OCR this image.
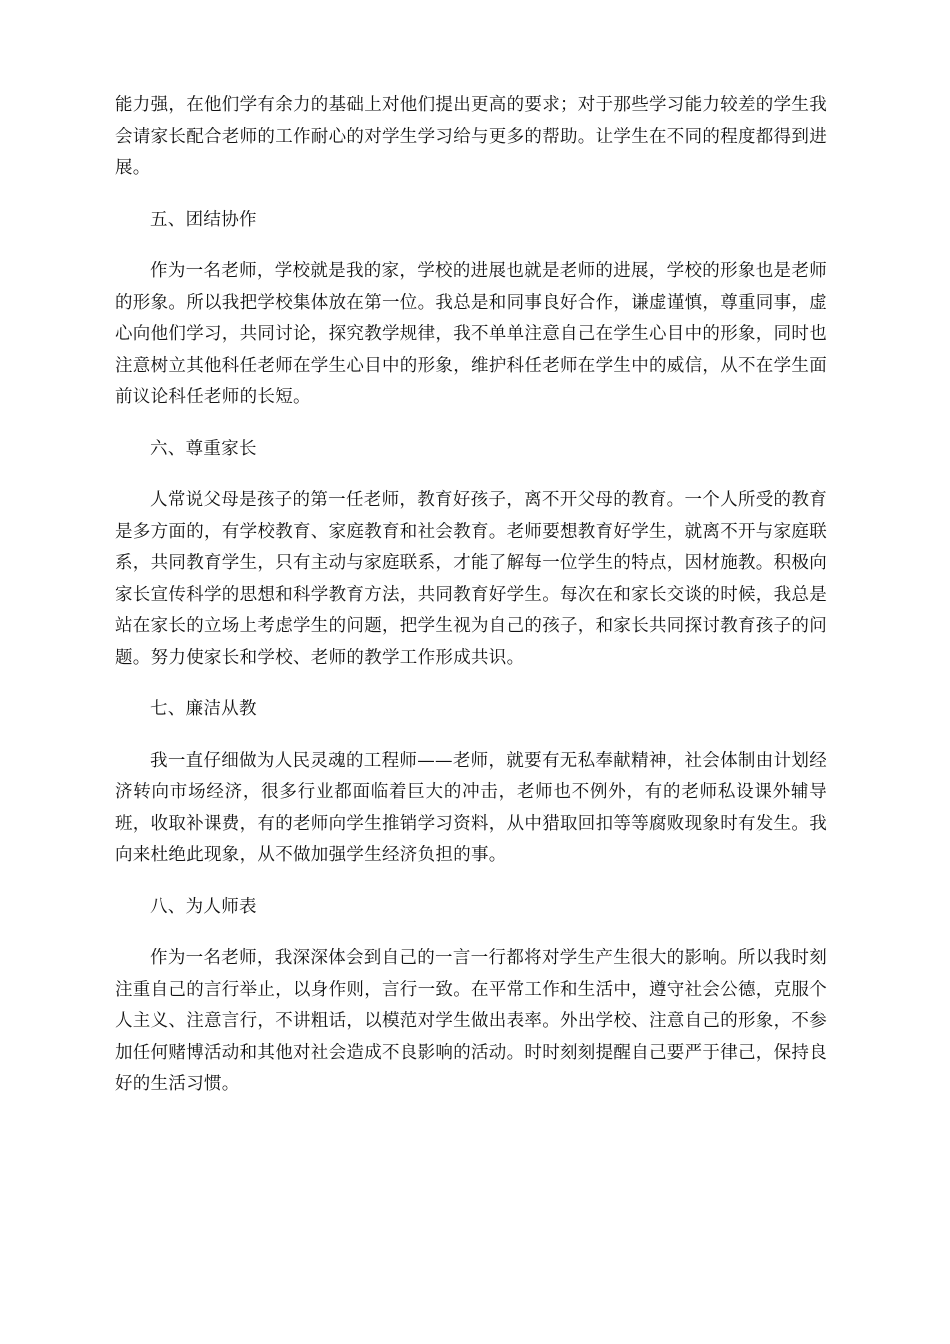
能力强，在他们学有余力的基础上对他们提出更高的要求；对于那些学习能力较差的学生我会请家长配合老师的工作耐心的对学生学习给与更多的帮助。让学生在不同的程度都得到进展。

五、团结协作

作为一名老师，学校就是我的家，学校的进展也就是老师的进展，学校的形象也是老师的形象。所以我把学校集体放在第一位。我总是和同事良好合作，谦虚谨慎，尊重同事，虚心向他们学习，共同讨论，探究教学规律，我不单单注意自己在学生心目中的形象，同时也注意树立其他科任老师在学生心目中的形象，维护科任老师在学生中的威信，从不在学生面前议论科任老师的长短。

六、尊重家长

人常说父母是孩子的第一任老师，教育好孩子，离不开父母的教育。一个人所受的教育是多方面的，有学校教育、家庭教育和社会教育。老师要想教育好学生，就离不开与家庭联系，共同教育学生，只有主动与家庭联系，才能了解每一位学生的特点，因材施教。积极向家长宣传科学的思想和科学教育方法，共同教育好学生。每次在和家长交谈的时候，我总是站在家长的立场上考虑学生的问题，把学生视为自己的孩子，和家长共同探讨教育孩子的问题。努力使家长和学校、老师的教学工作形成共识。

七、廉洁从教

我一直仔细做为人民灵魂的工程师——老师，就要有无私奉献精神，社会体制由计划经济转向市场经济，很多行业都面临着巨大的冲击，老师也不例外，有的老师私设课外辅导班，收取补课费，有的老师向学生推销学习资料，从中猎取回扣等等腐败现象时有发生。我向来杜绝此现象，从不做加强学生经济负担的事。

八、为人师表

作为一名老师，我深深体会到自己的一言一行都将对学生产生很大的影响。所以我时刻注重自己的言行举止，以身作则，言行一致。在平常工作和生活中，遵守社会公德，克服个人主义、注意言行，不讲粗话，以模范对学生做出表率。外出学校、注意自己的形象，不参加任何赌博活动和其他对社会造成不良影响的活动。时时刻刻提醒自己要严于律己，保持良好的生活习惯。
